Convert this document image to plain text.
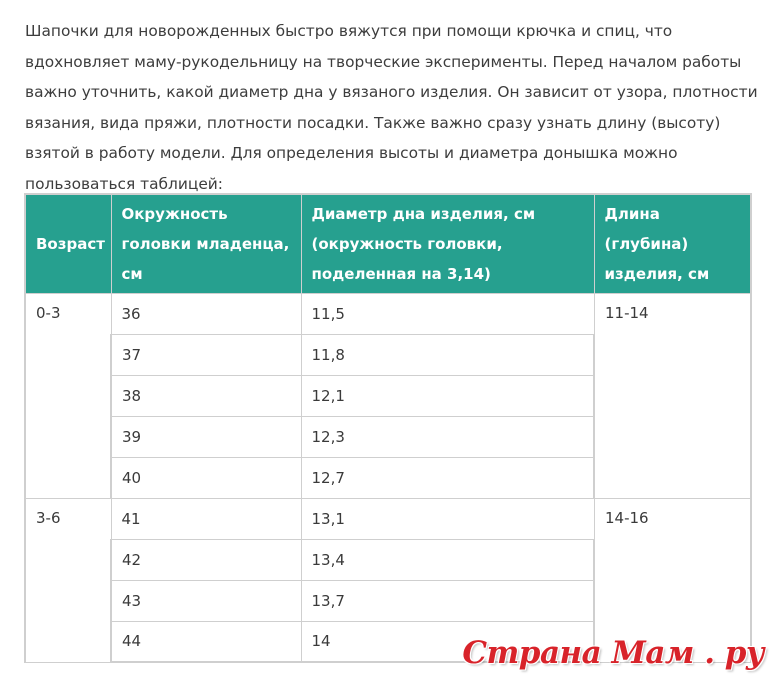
Шапочки для новорожденных быстро вяжутся при помощи крючка и спиц, что вдохновляет маму-рукодельницу на творческие эксперименты. Перед началом работы важно уточнить, какой диаметр дна у вязаного изделия. Он зависит от узора, плотности вязания, вида пряжи, плотности посадки. Также важно сразу узнать длину (высоту) взятой в работу модели. Для определения высоты и диаметра донышка можно пользоваться таблицей:

Возраст	Окружность головки младенца, см	Диаметр дна изделия, см (окружность головки, поделенная на 3,14)	Длина (глубина) изделия, см
0-3	36	11,5	11-14
	37	11,8	
	38	12,1	
	39	12,3	
	40	12,7	
3-6	41	13,1	14-16
	42	13,4	
	43	13,7	
	44	14		Страна Мам . ру
